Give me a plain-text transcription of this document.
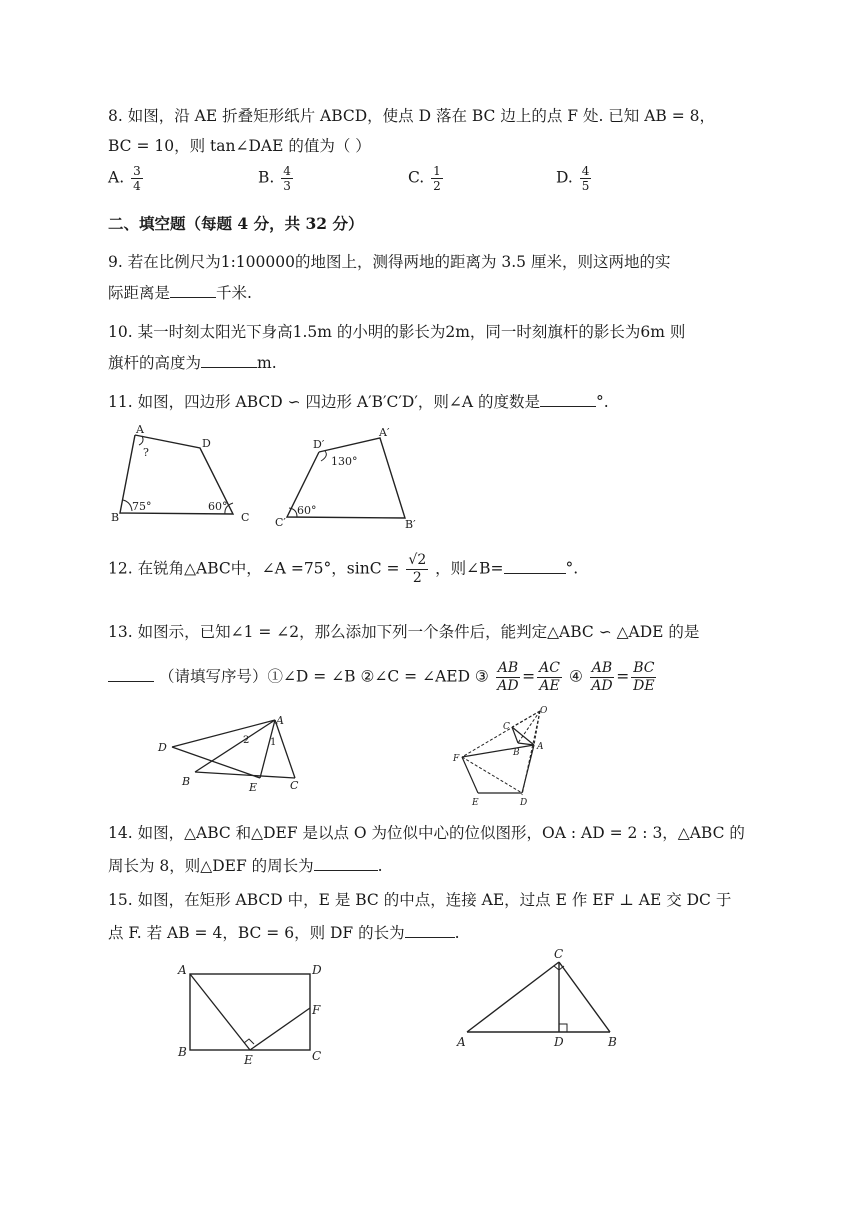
8. 如图，沿 AE 折叠矩形纸片 ABCD，使点 D 落在 BC 边上的点 F 处. 已知 AB = 8，
BC = 10，则 tan∠DAE 的值为（ ）
A. $\frac{3}{4}$	B. $\frac{4}{3}$	C. $\frac{1}{2}$	D. $\frac{4}{5}$
二、填空题（每题 4 分，共 32 分）
9. 若在比例尺为1:100000的地图上，测得两地的距离为 3.5 厘米，则这两地的实
际距离是	千米.
10. 某一时刻太阳光下身高1.5m 的小明的影长为2m，同一时刻旗杆的影长为6m 则
旗杆的高度为	m.
11. 如图，四边形 ABCD ∽ 四边形 A′B′C′D′，则∠A 的度数是	°.
A
D
B	C
?
75°	60°
D′
A′
C′	B′
130°
60°
12. 在锐角△ABC中，∠A =75°，$\sin C = \frac{√2}{2}$ ，则∠B=	°.
13. 如图示，已知∠1 = ∠2，那么添加下列一个条件后，能判定△ABC ∽ △ADE 的是
（请填写序号）①∠D = ∠B ②∠C = ∠AED ③ $\frac{AB}{AD} = \frac{AC}{AE}$ ④ $\frac{AB}{AD} = \frac{BC}{DE}$
A
D
B	E	C
2 1
O
C
B
A
F
E	D
14. 如图，△ABC 和△DEF 是以点 O 为位似中心的位似图形，OA : AD = 2 : 3，△ABC 的
周长为 8，则△DEF 的周长为	.
15. 如图，在矩形 ABCD 中，E 是 BC 的中点，连接 AE，过点 E 作 EF ⊥ AE 交 DC 于
点 F. 若 AB = 4，BC = 6，则 DF 的长为	.
A	D
F
B	C
E
C
A	D	B
